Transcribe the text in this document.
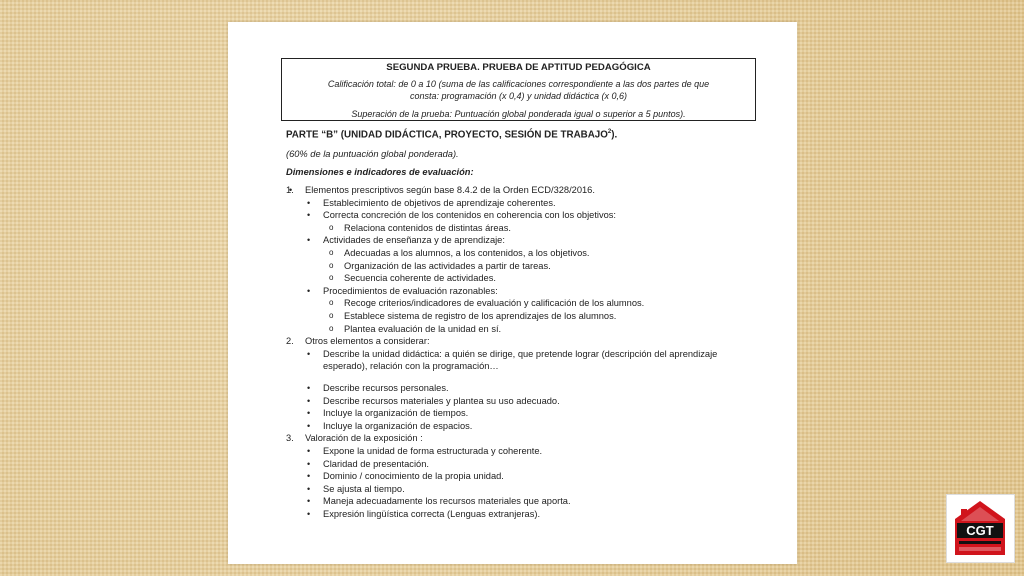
SEGUNDA PRUEBA. PRUEBA DE APTITUD PEDAGÓGICA
Calificación total: de 0 a 10 (suma de las calificaciones correspondiente a las dos partes de que
consta: programación (x 0,4) y unidad didáctica (x 0,6)
Superación de la prueba: Puntuación global ponderada igual o superior a 5 puntos).
PARTE “B” (UNIDAD DIDÁCTICA, PROYECTO, SESIÓN DE TRABAJO$^2$).
(60% de la puntuación global ponderada).
Dimensiones e indicadores de evaluación:
• 1. Elementos prescriptivos según base 8.4.2 de la Orden ECD/328/2016.
• Establecimiento de objetivos de aprendizaje coherentes.
• Correcta concreción de los contenidos en coherencia con los objetivos:
o Relaciona contenidos de distintas áreas.
• Actividades de enseñanza y de aprendizaje:
o Adecuadas a los alumnos, a los contenidos, a los objetivos.
o Organización de las actividades a partir de tareas.
o Secuencia coherente de actividades.
• Procedimientos de evaluación razonables:
o Recoge criterios/indicadores de evaluación y calificación de los alumnos.
o Establece sistema de registro de los aprendizajes de los alumnos.
o Plantea evaluación de la unidad en sí.
2. Otros elementos a considerar:
• Describe la unidad didáctica: a quién se dirige, que pretende lograr (descripción del aprendizaje esperado), relación con la programación…
• Describe recursos personales.
• Describe recursos materiales y plantea su uso adecuado.
• Incluye la organización de tiempos.
• Incluye la organización de espacios.
3. Valoración de la exposición :
• Expone la unidad de forma estructurada y coherente.
• Claridad de presentación.
• Dominio / conocimiento de la propia unidad.
• Se ajusta al tiempo.
• Maneja adecuadamente los recursos materiales que aporta.
• Expresión lingüística correcta (Lenguas extranjeras).
CGT
